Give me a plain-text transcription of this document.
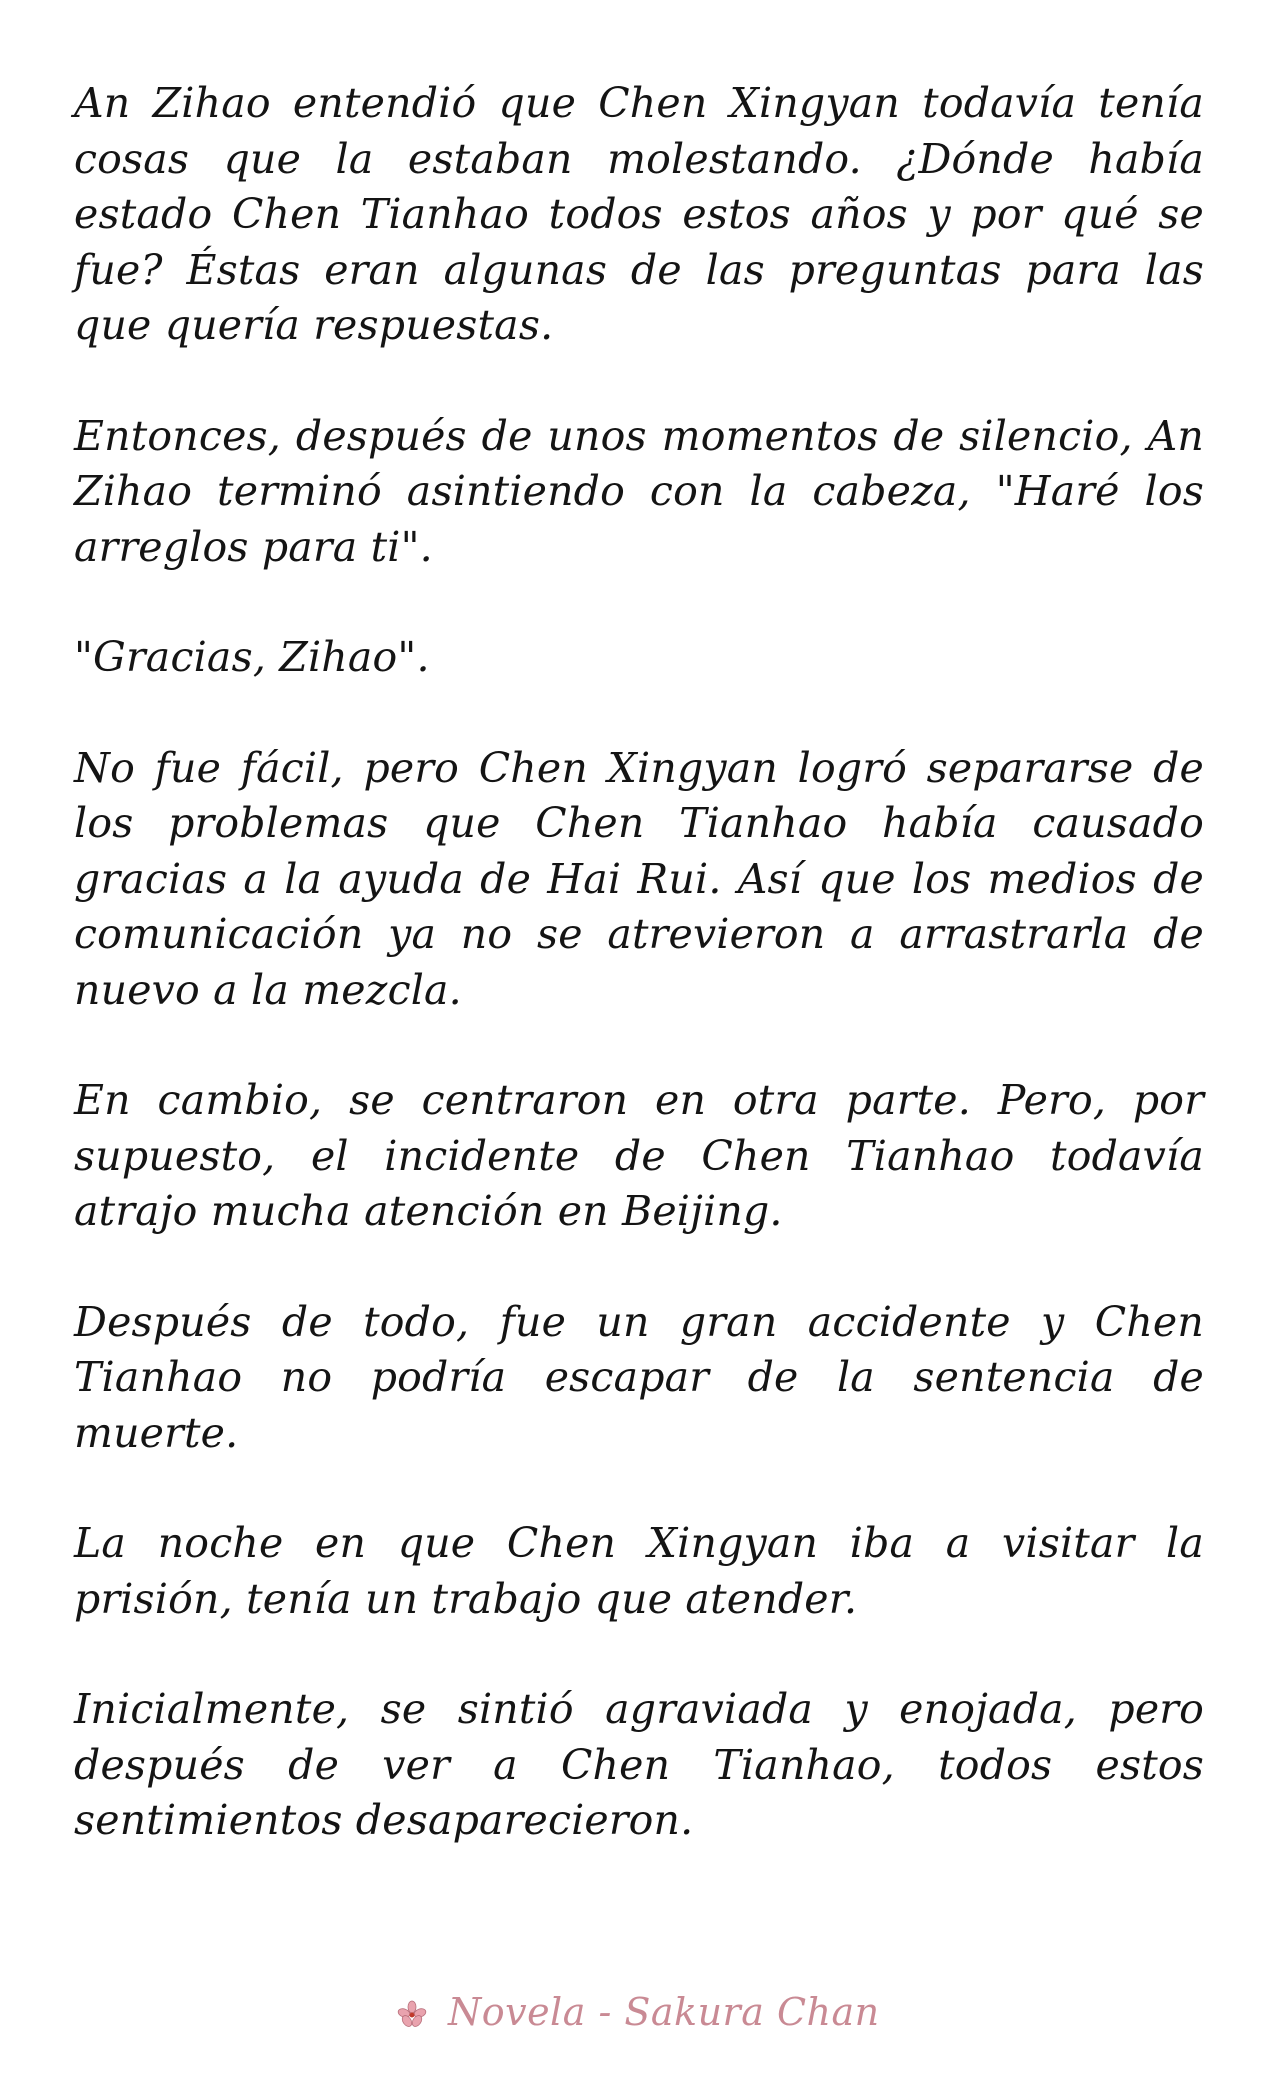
An Zihao entendió que Chen Xingyan todavía tenía cosas que la estaban molestando. ¿Dónde había estado Chen Tianhao todos estos años y por qué se fue? Éstas eran algunas de las preguntas para las que quería respuestas.

Entonces, después de unos momentos de silencio, An Zihao terminó asintiendo con la cabeza, "Haré los arreglos para ti".

"Gracias, Zihao".

No fue fácil, pero Chen Xingyan logró separarse de los problemas que Chen Tianhao había causado gracias a la ayuda de Hai Rui. Así que los medios de comunicación ya no se atrevieron a arrastrarla de nuevo a la mezcla.

En cambio, se centraron en otra parte. Pero, por supuesto, el incidente de Chen Tianhao todavía atrajo mucha atención en Beijing.

Después de todo, fue un gran accidente y Chen Tianhao no podría escapar de la sentencia de muerte.

La noche en que Chen Xingyan iba a visitar la prisión, tenía un trabajo que atender.

Inicialmente, se sintió agraviada y enojada, pero después de ver a Chen Tianhao, todos estos sentimientos desaparecieron.

Novela - Sakura Chan
